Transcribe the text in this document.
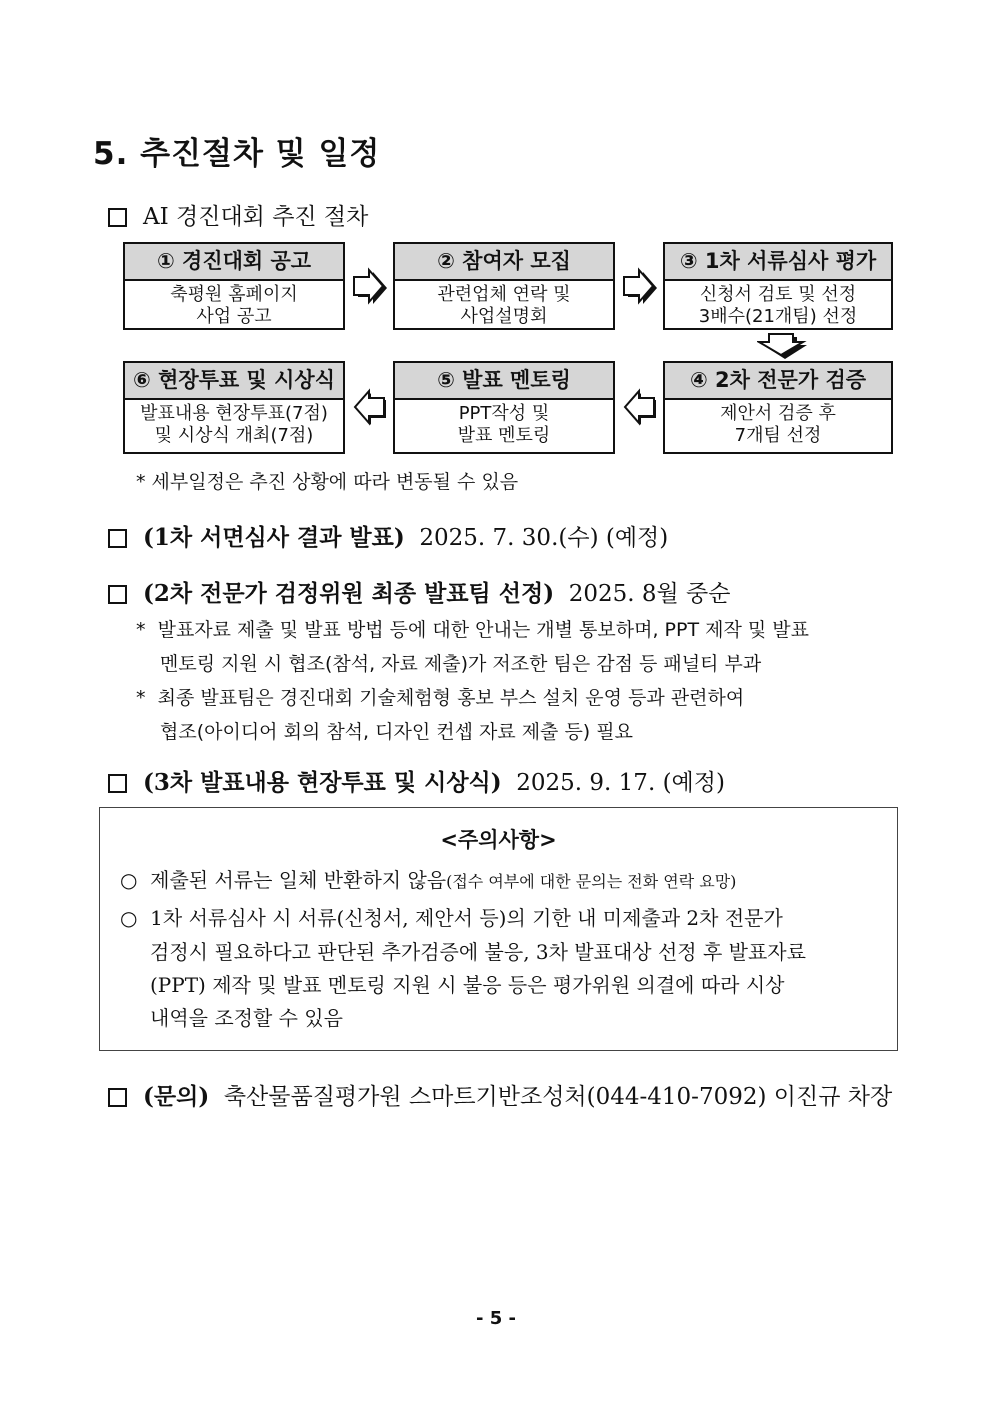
5. 추진절차 및 일정
AI 경진대회 추진 절차
① 경진대회 공고
축평원 홈페이지
사업 공고
② 참여자 모집
관련업체 연락 및
사업설명회
③ 1차 서류심사 평가
신청서 검토 및 선정
3배수(21개팀) 선정
⑥ 현장투표 및 시상식
발표내용 현장투표(7점)
및 시상식 개최(7점)
⑤ 발표 멘토링
PPT작성 및
발표 멘토링
④ 2차 전문가 검증
제안서 검증 후
7개팀 선정
* 세부일정은 추진 상황에 따라 변동될 수 있음
(1차 서면심사 결과 발표) 2025. 7. 30.(수) (예정)
(2차 전문가 검정위원 최종 발표팀 선정) 2025. 8월 중순
*  발표자료 제출 및 발표 방법 등에 대한 안내는 개별 통보하며, PPT 제작 및 발표
멘토링 지원 시 협조(참석, 자료 제출)가 저조한 팀은 감점 등 패널티 부과
*  최종 발표팀은 경진대회 기술체험형 홍보 부스 설치 운영 등과 관련하여
협조(아이디어 회의 참석, 디자인 컨셉 자료 제출 등) 필요
(3차 발표내용 현장투표 및 시상식) 2025. 9. 17. (예정)
<주의사항>
○ 제출된 서류는 일체 반환하지 않음(접수 여부에 대한 문의는 전화 연락 요망)
○ 1차 서류심사 시 서류(신청서, 제안서 등)의 기한 내 미제출과 2차 전문가
검정시 필요하다고 판단된 추가검증에 불응, 3차 발표대상 선정 후 발표자료
(PPT) 제작 및 발표 멘토링 지원 시 불응 등은 평가위원 의결에 따라 시상
내역을 조정할 수 있음
(문의) 축산물품질평가원 스마트기반조성처(044-410-7092) 이진규 차장
- 5 -
